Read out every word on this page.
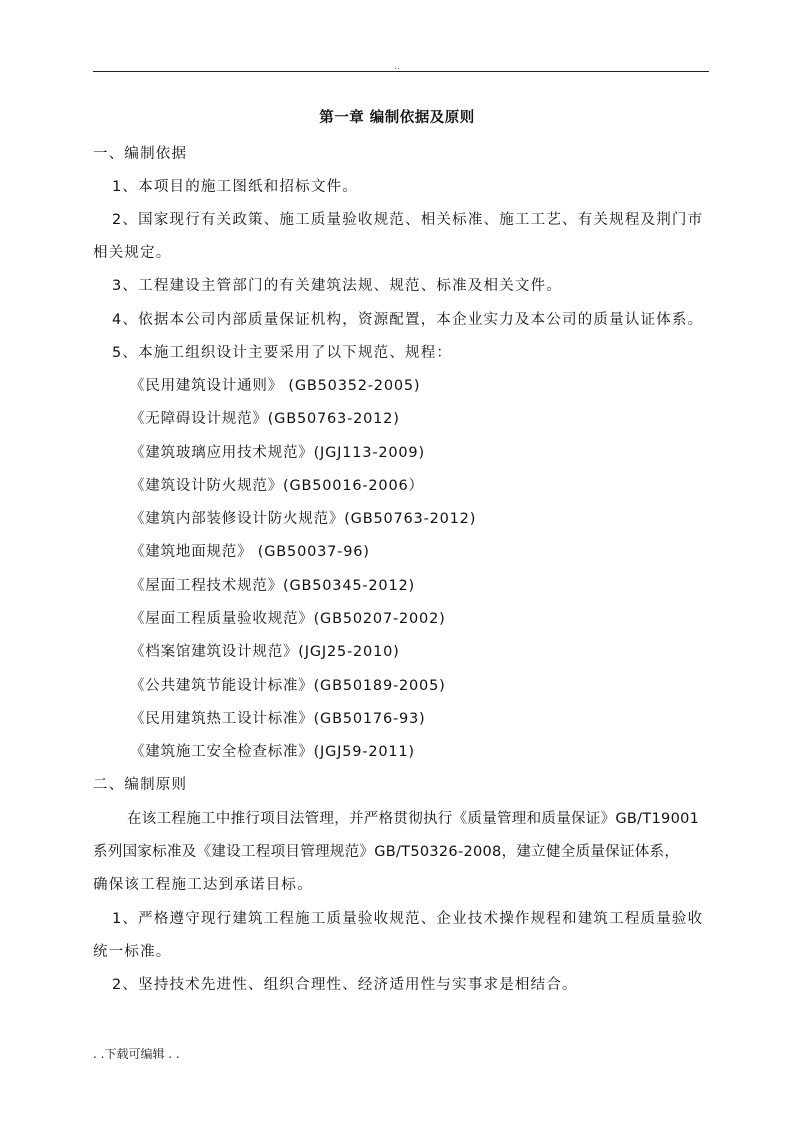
..
第一章 编制依据及原则
一、编制依据
1、本项目的施工图纸和招标文件。
2、国家现行有关政策、施工质量验收规范、相关标准、施工工艺、有关规程及荆门市
相关规定。
3、工程建设主管部门的有关建筑法规、规范、标准及相关文件。
4、依据本公司内部质量保证机构，资源配置，本企业实力及本公司的质量认证体系。
5、本施工组织设计主要采用了以下规范、规程：
《民用建筑设计通则》 (GB50352-2005)
《无障碍设计规范》(GB50763-2012)
《建筑玻璃应用技术规范》(JGJ113-2009)
《建筑设计防火规范》(GB50016-2006）
《建筑内部装修设计防火规范》(GB50763-2012)
《建筑地面规范》 (GB50037-96)
《屋面工程技术规范》(GB50345-2012)
《屋面工程质量验收规范》(GB50207-2002)
《档案馆建筑设计规范》(JGJ25-2010)
《公共建筑节能设计标准》(GB50189-2005)
《民用建筑热工设计标准》(GB50176-93)
《建筑施工安全检查标准》(JGJ59-2011)
二、编制原则
在该工程施工中推行项目法管理，并严格贯彻执行《质量管理和质量保证》GB/T19001
系列国家标准及《建设工程项目管理规范》GB/T50326-2008，建立健全质量保证体系，
确保该工程施工达到承诺目标。
1、严格遵守现行建筑工程施工质量验收规范、企业技术操作规程和建筑工程质量验收
统一标准。
2、坚持技术先进性、组织合理性、经济适用性与实事求是相结合。
. .下载可编辑 . .
